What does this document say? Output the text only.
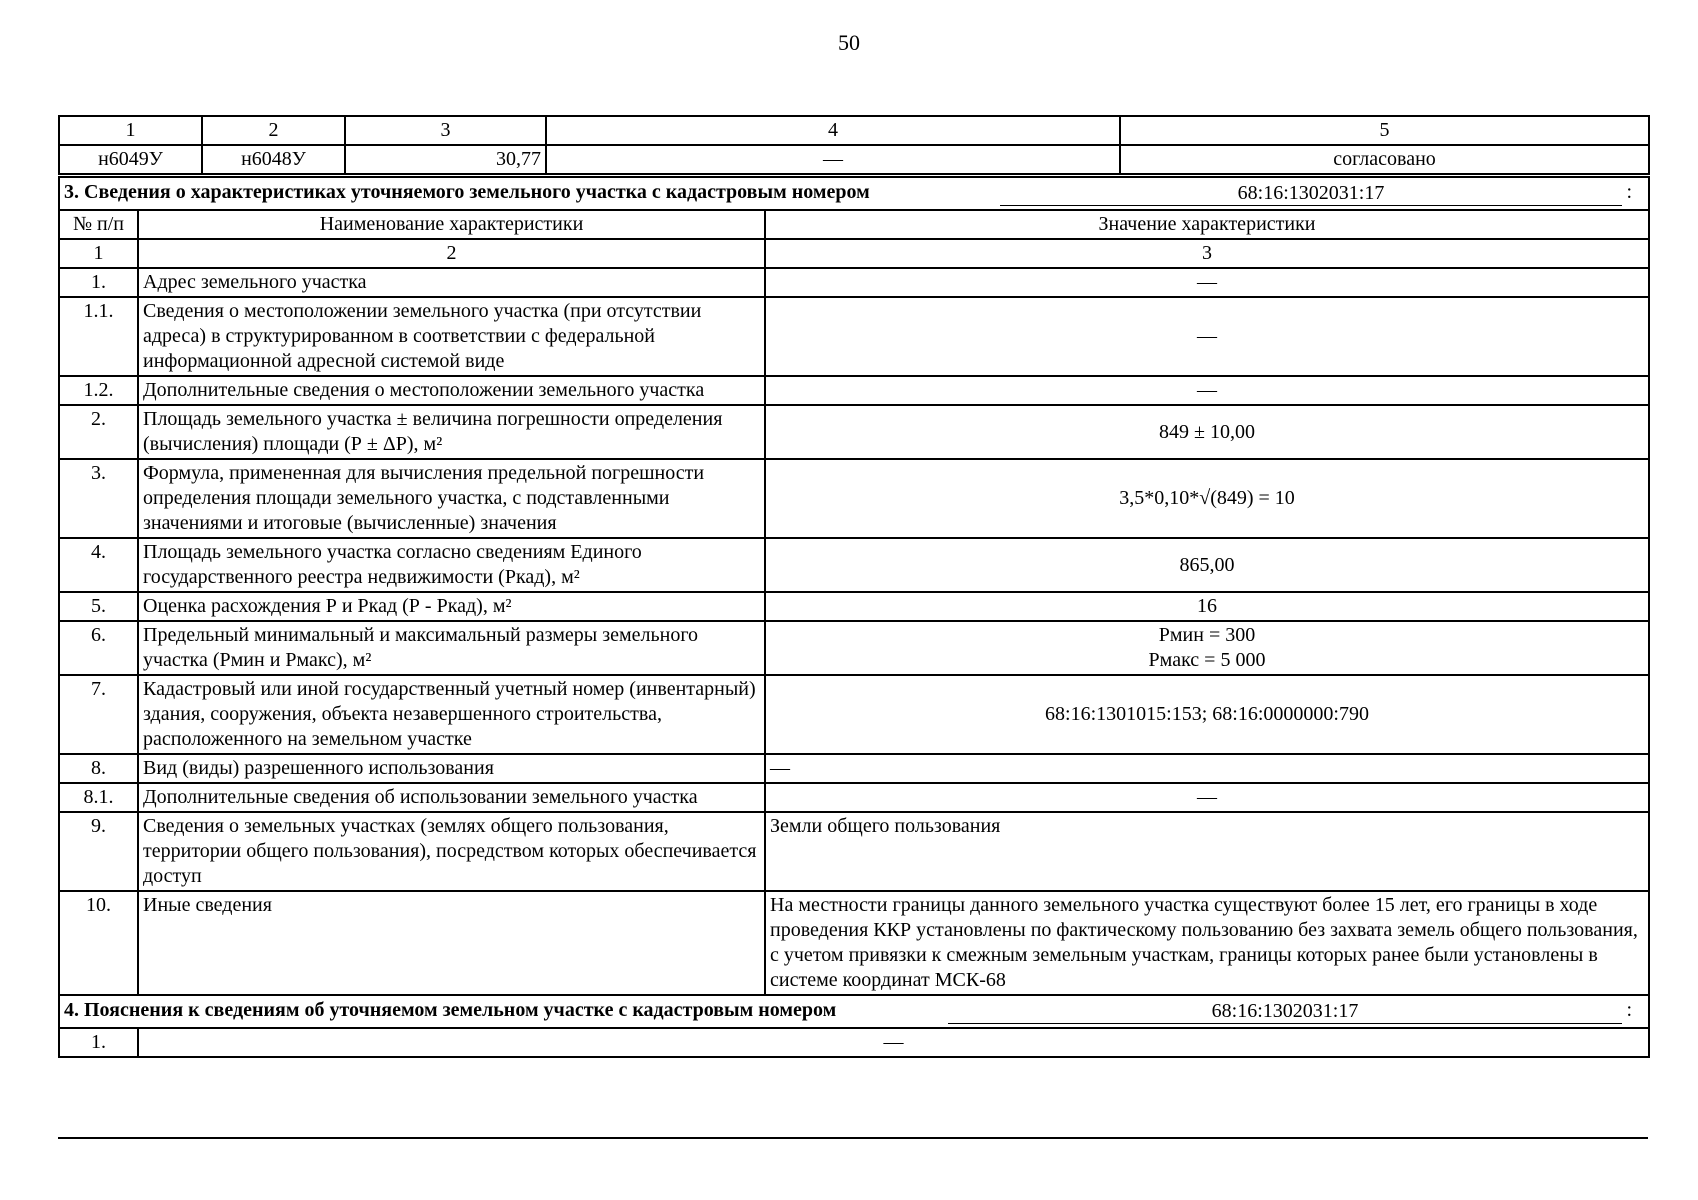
50
1	2	3	4	5
н6049У	н6048У	30,77	—	согласовано
3. Сведения о характеристиках уточняемого земельного участка с кадастровым номером 68:16:1302031:17 :		

№ п/п	Наименование характеристики	Значение характеристики
1	2	3
1.	Адрес земельного участка	—
1.1.	Сведения о местоположении земельного участка (при отсутствии адреса) в структурированном в соответствии с федеральной информационной адресной системой виде	—
1.2.	Дополнительные сведения о местоположении земельного участка	—
2.	Площадь земельного участка ± величина погрешности определения (вычисления) площади (Р ± ΔР), м²	849 ± 10,00
3.	Формула, примененная для вычисления предельной погрешности определения площади земельного участка, с подставленными значениями и итоговые (вычисленные) значения	3,5*0,10*√(849) = 10
4.	Площадь земельного участка согласно сведениям Единого государственного реестра недвижимости (Ркад), м²	865,00
5.	Оценка расхождения Р и Ркад (Р - Ркад), м²	16
6.	Предельный минимальный и максимальный размеры земельного участка (Рмин и Рмакс), м²	Рмин = 300
Рмакс = 5 000

7.	Кадастровый или иной государственный учетный номер (инвентарный) здания, сооружения, объекта незавершенного строительства, расположенного на земельном участке	68:16:1301015:153; 68:16:0000000:790
8.	Вид (виды) разрешенного использования	—
8.1.	Дополнительные сведения об использовании земельного участка	—
9.	Сведения о земельных участках (землях общего пользования, территории общего пользования), посредством которых обеспечивается доступ	Земли общего пользования
10.	Иные сведения	На местности границы данного земельного участка существуют более 15 лет, его границы в ходе проведения ККР установлены по фактическому пользованию без захвата земель общего пользования, с учетом привязки к смежным земельным участкам, границы которых ранее были установлены в системе координат МСК-68

4. Пояснения к сведениям об уточняемом земельном участке с кадастровым номером 68:16:1302031:17 :		

1.	—	
